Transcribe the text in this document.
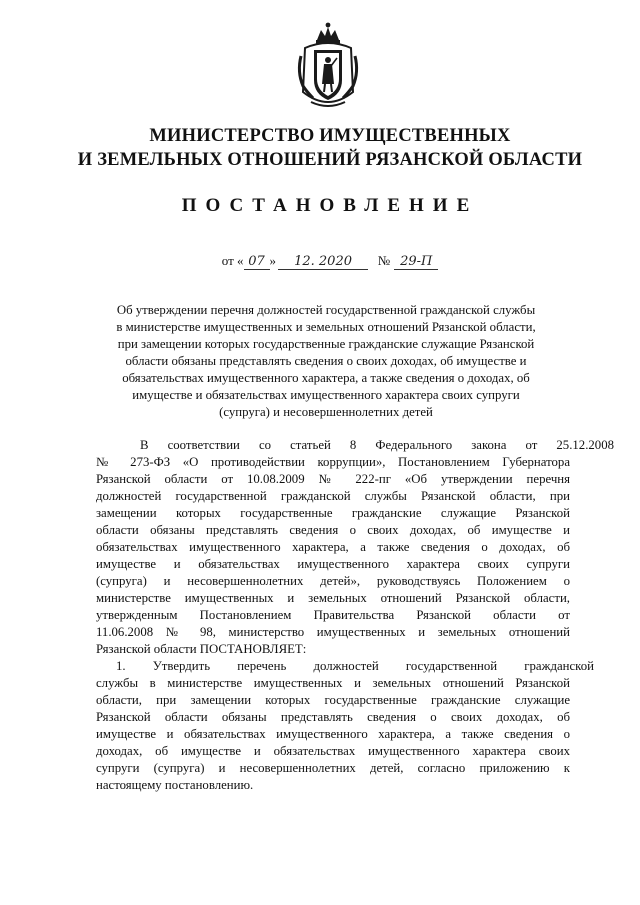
МИНИСТЕРСТВО ИМУЩЕСТВЕННЫХ
И ЗЕМЕЛЬНЫХ ОТНОШЕНИЙ РЯЗАНСКОЙ ОБЛАСТИ
ПОСТАНОВЛЕНИЕ
от « 07 » 12. 2020 № 29-П
Об утверждении перечня должностей государственной гражданской службы
в министерстве имущественных и земельных отношений Рязанской области,
при замещении которых государственные гражданские служащие Рязанской
области обязаны представлять сведения о своих доходах, об имуществе и
обязательствах имущественного характера, а также сведения о доходах, об
имуществе и обязательствах имущественного характера своих супруги
(супруга) и несовершеннолетних детей
В соответствии со статьей 8 Федерального закона от 25.12.2008
№ 273-ФЗ «О противодействии коррупции», Постановлением Губернатора
Рязанской области от 10.08.2009 № 222-пг «Об утверждении перечня
должностей государственной гражданской службы Рязанской области, при
замещении которых государственные гражданские служащие Рязанской
области обязаны представлять сведения о своих доходах, об имуществе и
обязательствах имущественного характера, а также сведения о доходах, об
имуществе и обязательствах имущественного характера своих супруги
(супруга) и несовершеннолетних детей», руководствуясь Положением о
министерстве имущественных и земельных отношений Рязанской области,
утвержденным Постановлением Правительства Рязанской области от
11.06.2008 № 98, министерство имущественных и земельных отношений
Рязанской области ПОСТАНОВЛЯЕТ:
1. Утвердить перечень должностей государственной гражданской
службы в министерстве имущественных и земельных отношений Рязанской
области, при замещении которых государственные гражданские служащие
Рязанской области обязаны представлять сведения о своих доходах, об
имуществе и обязательствах имущественного характера, а также сведения о
доходах, об имуществе и обязательствах имущественного характера своих
супруги (супруга) и несовершеннолетних детей, согласно приложению к
настоящему постановлению.
